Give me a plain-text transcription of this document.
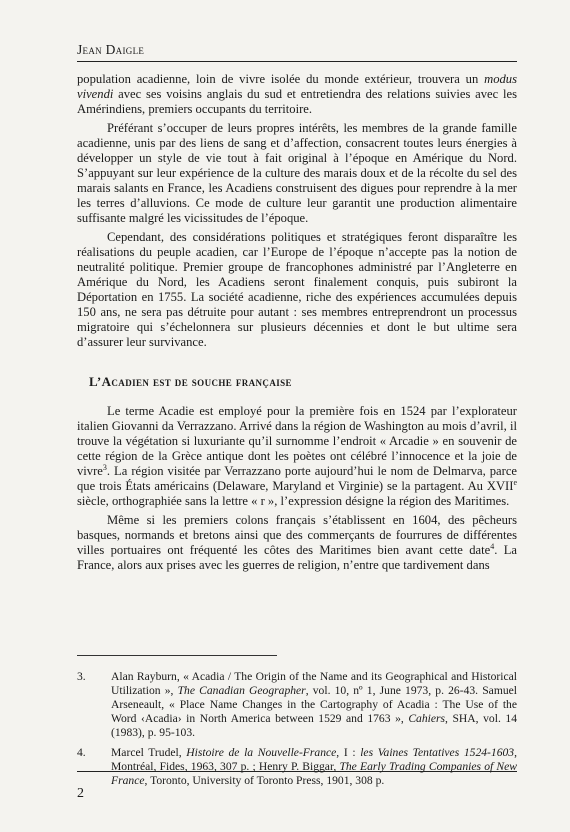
Jean Daigle

population acadienne, loin de vivre isolée du monde extérieur, trouvera un modus vivendi avec ses voisins anglais du sud et entretiendra des relations suivies avec les Amérindiens, premiers occupants du territoire.

Préférant s’occuper de leurs propres intérêts, les membres de la grande famille acadienne, unis par des liens de sang et d’affection, consacrent toutes leurs énergies à développer un style de vie tout à fait original à l’époque en Amérique du Nord. S’appuyant sur leur expérience de la culture des marais doux et de la récolte du sel des marais salants en France, les Acadiens construisent des digues pour reprendre à la mer les terres d’alluvions. Ce mode de culture leur garantit une production alimentaire suffisante malgré les vicissitudes de l’époque.

Cependant, des considérations politiques et stratégiques feront disparaître les réalisations du peuple acadien, car l’Europe de l’époque n’accepte pas la notion de neutralité politique. Premier groupe de francophones administré par l’Angleterre en Amérique du Nord, les Acadiens seront finalement conquis, puis subiront la Déportation en 1755. La société acadienne, riche des expériences accumulées depuis 150 ans, ne sera pas détruite pour autant : ses membres entreprendront un processus migratoire qui s’échelonnera sur plusieurs décennies et dont le but ultime sera d’assurer leur survivance.

L’Acadien est de souche française

Le terme Acadie est employé pour la première fois en 1524 par l’explorateur italien Giovanni da Verrazzano. Arrivé dans la région de Washington au mois d’avril, il trouve la végétation si luxuriante qu’il surnomme l’endroit « Arcadie » en souvenir de cette région de la Grèce antique dont les poètes ont célébré l’innocence et la joie de vivre$^3$. La région visitée par Verrazzano porte aujourd’hui le nom de Delmarva, parce que trois États américains (Delaware, Maryland et Virginie) se la partagent. Au XVIIe siècle, orthographiée sans la lettre « r », l’expression désigne la région des Maritimes.

Même si les premiers colons français s’établissent en 1604, des pêcheurs basques, normands et bretons ainsi que des commerçants de fourrures de différentes villes portuaires ont fréquenté les côtes des Maritimes bien avant cette date$^4$. La France, alors aux prises avec les guerres de religion, n’entre que tardivement dans

3.	Alan Rayburn, « Acadia / The Origin of the Name and its Geographical and Historical Utilization », The Canadian Geographer, vol. 10, nº 1, June 1973, p. 26-43. Samuel Arseneault, « Place Name Changes in the Cartography of Acadia : The Use of the Word ‹Acadia› in North America between 1529 and 1763 », Cahiers, SHA, vol. 14 (1983), p. 95-103.
4.	Marcel Trudel, Histoire de la Nouvelle-France, I : les Vaines Tentatives 1524-1603, Montréal, Fides, 1963, 307 p. ; Henry P. Biggar, The Early Trading Companies of New France, Toronto, University of Toronto Press, 1901, 308 p.
2
